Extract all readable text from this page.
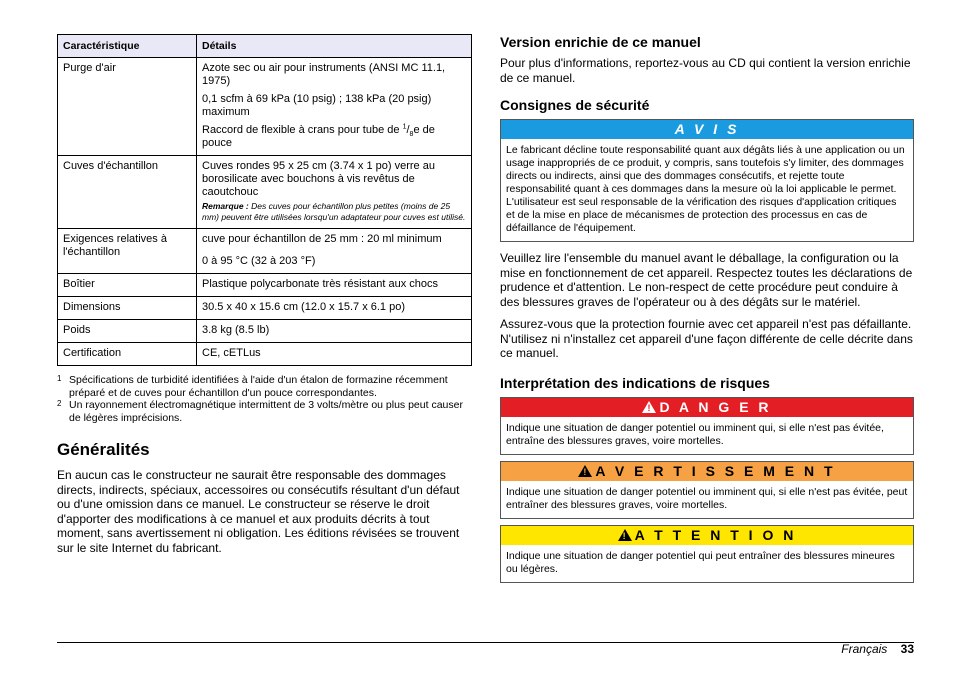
Caractéristique	Détails
Purge d'air	Azote sec ou air pour instruments (ANSI MC 11.1, 1975)

0,1 scfm à 69 kPa (10 psig) ; 138 kPa (20 psig) maximum

Raccord de flexible à crans pour tube de $^1/_8e$ de pouce

Cuves d'échantillon	Cuves rondes 95 x 25 cm (3.74 x 1 po) verre au borosilicate avec bouchons à vis revêtus de caoutchouc

Remarque : Des cuves pour échantillon plus petites (moins de 25 mm) peuvent être utilisées lorsqu'un adaptateur pour cuves est utilisé.

Exigences relatives à l'échantillon	cuve pour échantillon de 25 mm : 20 ml minimum

0 à 95 °C (32 à 203 °F)

Boîtier	Plastique polycarbonate très résistant aux chocs
Dimensions	30.5 x 40 x 15.6 cm (12.0 x 15.7 x 6.1 po)
Poids	3.8 kg (8.5 lb)
Certification	CE, cETLus
1 Spécifications de turbidité identifiées à l'aide d'un étalon de formazine récemment préparé et de cuves pour échantillon d'un pouce correspondantes.
2 Un rayonnement électromagnétique intermittent de 3 volts/mètre ou plus peut causer de légères imprécisions.
Généralités

En aucun cas le constructeur ne saurait être responsable des dommages directs, indirects, spéciaux, accessoires ou consécutifs résultant d'un défaut ou d'une omission dans ce manuel. Le constructeur se réserve le droit d'apporter des modifications à ce manuel et aux produits décrits à tout moment, sans avertissement ni obligation. Les éditions révisées se trouvent sur le site Internet du fabricant.

Version enrichie de ce manuel

Pour plus d'informations, reportez-vous au CD qui contient la version enrichie de ce manuel.

Consignes de sécurité
A V I S
Le fabricant décline toute responsabilité quant aux dégâts liés à une application ou un usage inappropriés de ce produit, y compris, sans toutefois s'y limiter, des dommages directs ou indirects, ainsi que des dommages consécutifs, et rejette toute responsabilité quant à ces dommages dans la mesure où la loi applicable le permet. L'utilisateur est seul responsable de la vérification des risques d'application critiques et de la mise en place de mécanismes de protection des processus en cas de défaillance de l'équipement.

Veuillez lire l'ensemble du manuel avant le déballage, la configuration ou la mise en fonctionnement de cet appareil. Respectez toutes les déclarations de prudence et d'attention. Le non-respect de cette procédure peut conduire à des blessures graves de l'opérateur ou à des dégâts sur le matériel.

Assurez-vous que la protection fournie avec cet appareil n'est pas défaillante. N'utilisez ni n'installez cet appareil d'une façon différente de celle décrite dans ce manuel.

Interprétation des indications de risques
! D A N G E R
Indique une situation de danger potentiel ou imminent qui, si elle n'est pas évitée, entraîne des blessures graves, voire mortelles.
! A V E R T I S S E M E N T
Indique une situation de danger potentiel ou imminent qui, si elle n'est pas évitée, peut entraîner des blessures graves, voire mortelles.
! A T T E N T I O N
Indique une situation de danger potentiel qui peut entraîner des blessures mineures ou légères.
Français 33
